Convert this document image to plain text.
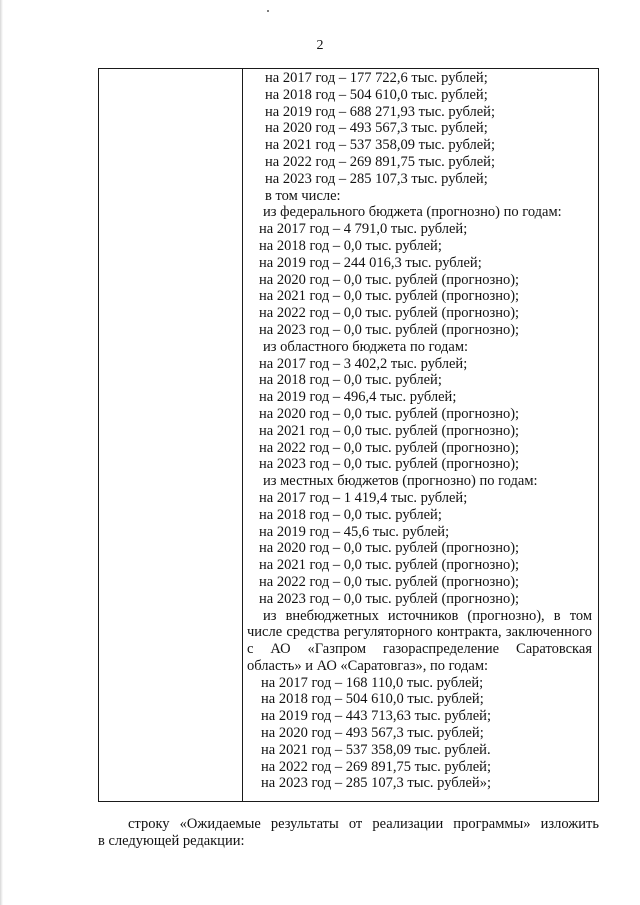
2
на 2017 год – 177 722,6 тыс. рублей;
на 2018 год – 504 610,0 тыс. рублей;
на 2019 год – 688 271,93 тыс. рублей;
на 2020 год – 493 567,3 тыс. рублей;
на 2021 год – 537 358,09 тыс. рублей;
на 2022 год – 269 891,75 тыс. рублей;
на 2023 год – 285 107,3 тыс. рублей;
в том числе:
из федерального бюджета (прогнозно) по годам:
на 2017 год – 4 791,0 тыс. рублей;
на 2018 год – 0,0 тыс. рублей;
на 2019 год – 244 016,3 тыс. рублей;
на 2020 год – 0,0 тыс. рублей (прогнозно);
на 2021 год – 0,0 тыс. рублей (прогнозно);
на 2022 год – 0,0 тыс. рублей (прогнозно);
на 2023 год – 0,0 тыс. рублей (прогнозно);
из областного бюджета по годам:
на 2017 год – 3 402,2 тыс. рублей;
на 2018 год – 0,0 тыс. рублей;
на 2019 год – 496,4 тыс. рублей;
на 2020 год – 0,0 тыс. рублей (прогнозно);
на 2021 год – 0,0 тыс. рублей (прогнозно);
на 2022 год – 0,0 тыс. рублей (прогнозно);
на 2023 год – 0,0 тыс. рублей (прогнозно);
из местных бюджетов (прогнозно) по годам:
на 2017 год – 1 419,4 тыс. рублей;
на 2018 год – 0,0 тыс. рублей;
на 2019 год – 45,6 тыс. рублей;
на 2020 год – 0,0 тыс. рублей (прогнозно);
на 2021 год – 0,0 тыс. рублей (прогнозно);
на 2022 год – 0,0 тыс. рублей (прогнозно);
на 2023 год – 0,0 тыс. рублей (прогнозно);
из внебюджетных источников (прогнозно), в том
числе средства регуляторного контракта, заключенного
с АО «Газпром газораспределение Саратовская
область» и АО «Саратовгаз», по годам:
на 2017 год – 168 110,0 тыс. рублей;
на 2018 год – 504 610,0 тыс. рублей;
на 2019 год – 443 713,63 тыс. рублей;
на 2020 год – 493 567,3 тыс. рублей;
на 2021 год – 537 358,09 тыс. рублей.
на 2022 год – 269 891,75 тыс. рублей;
на 2023 год – 285 107,3 тыс. рублей»;
строку «Ожидаемые результаты от реализации программы» изложить
в следующей редакции:
